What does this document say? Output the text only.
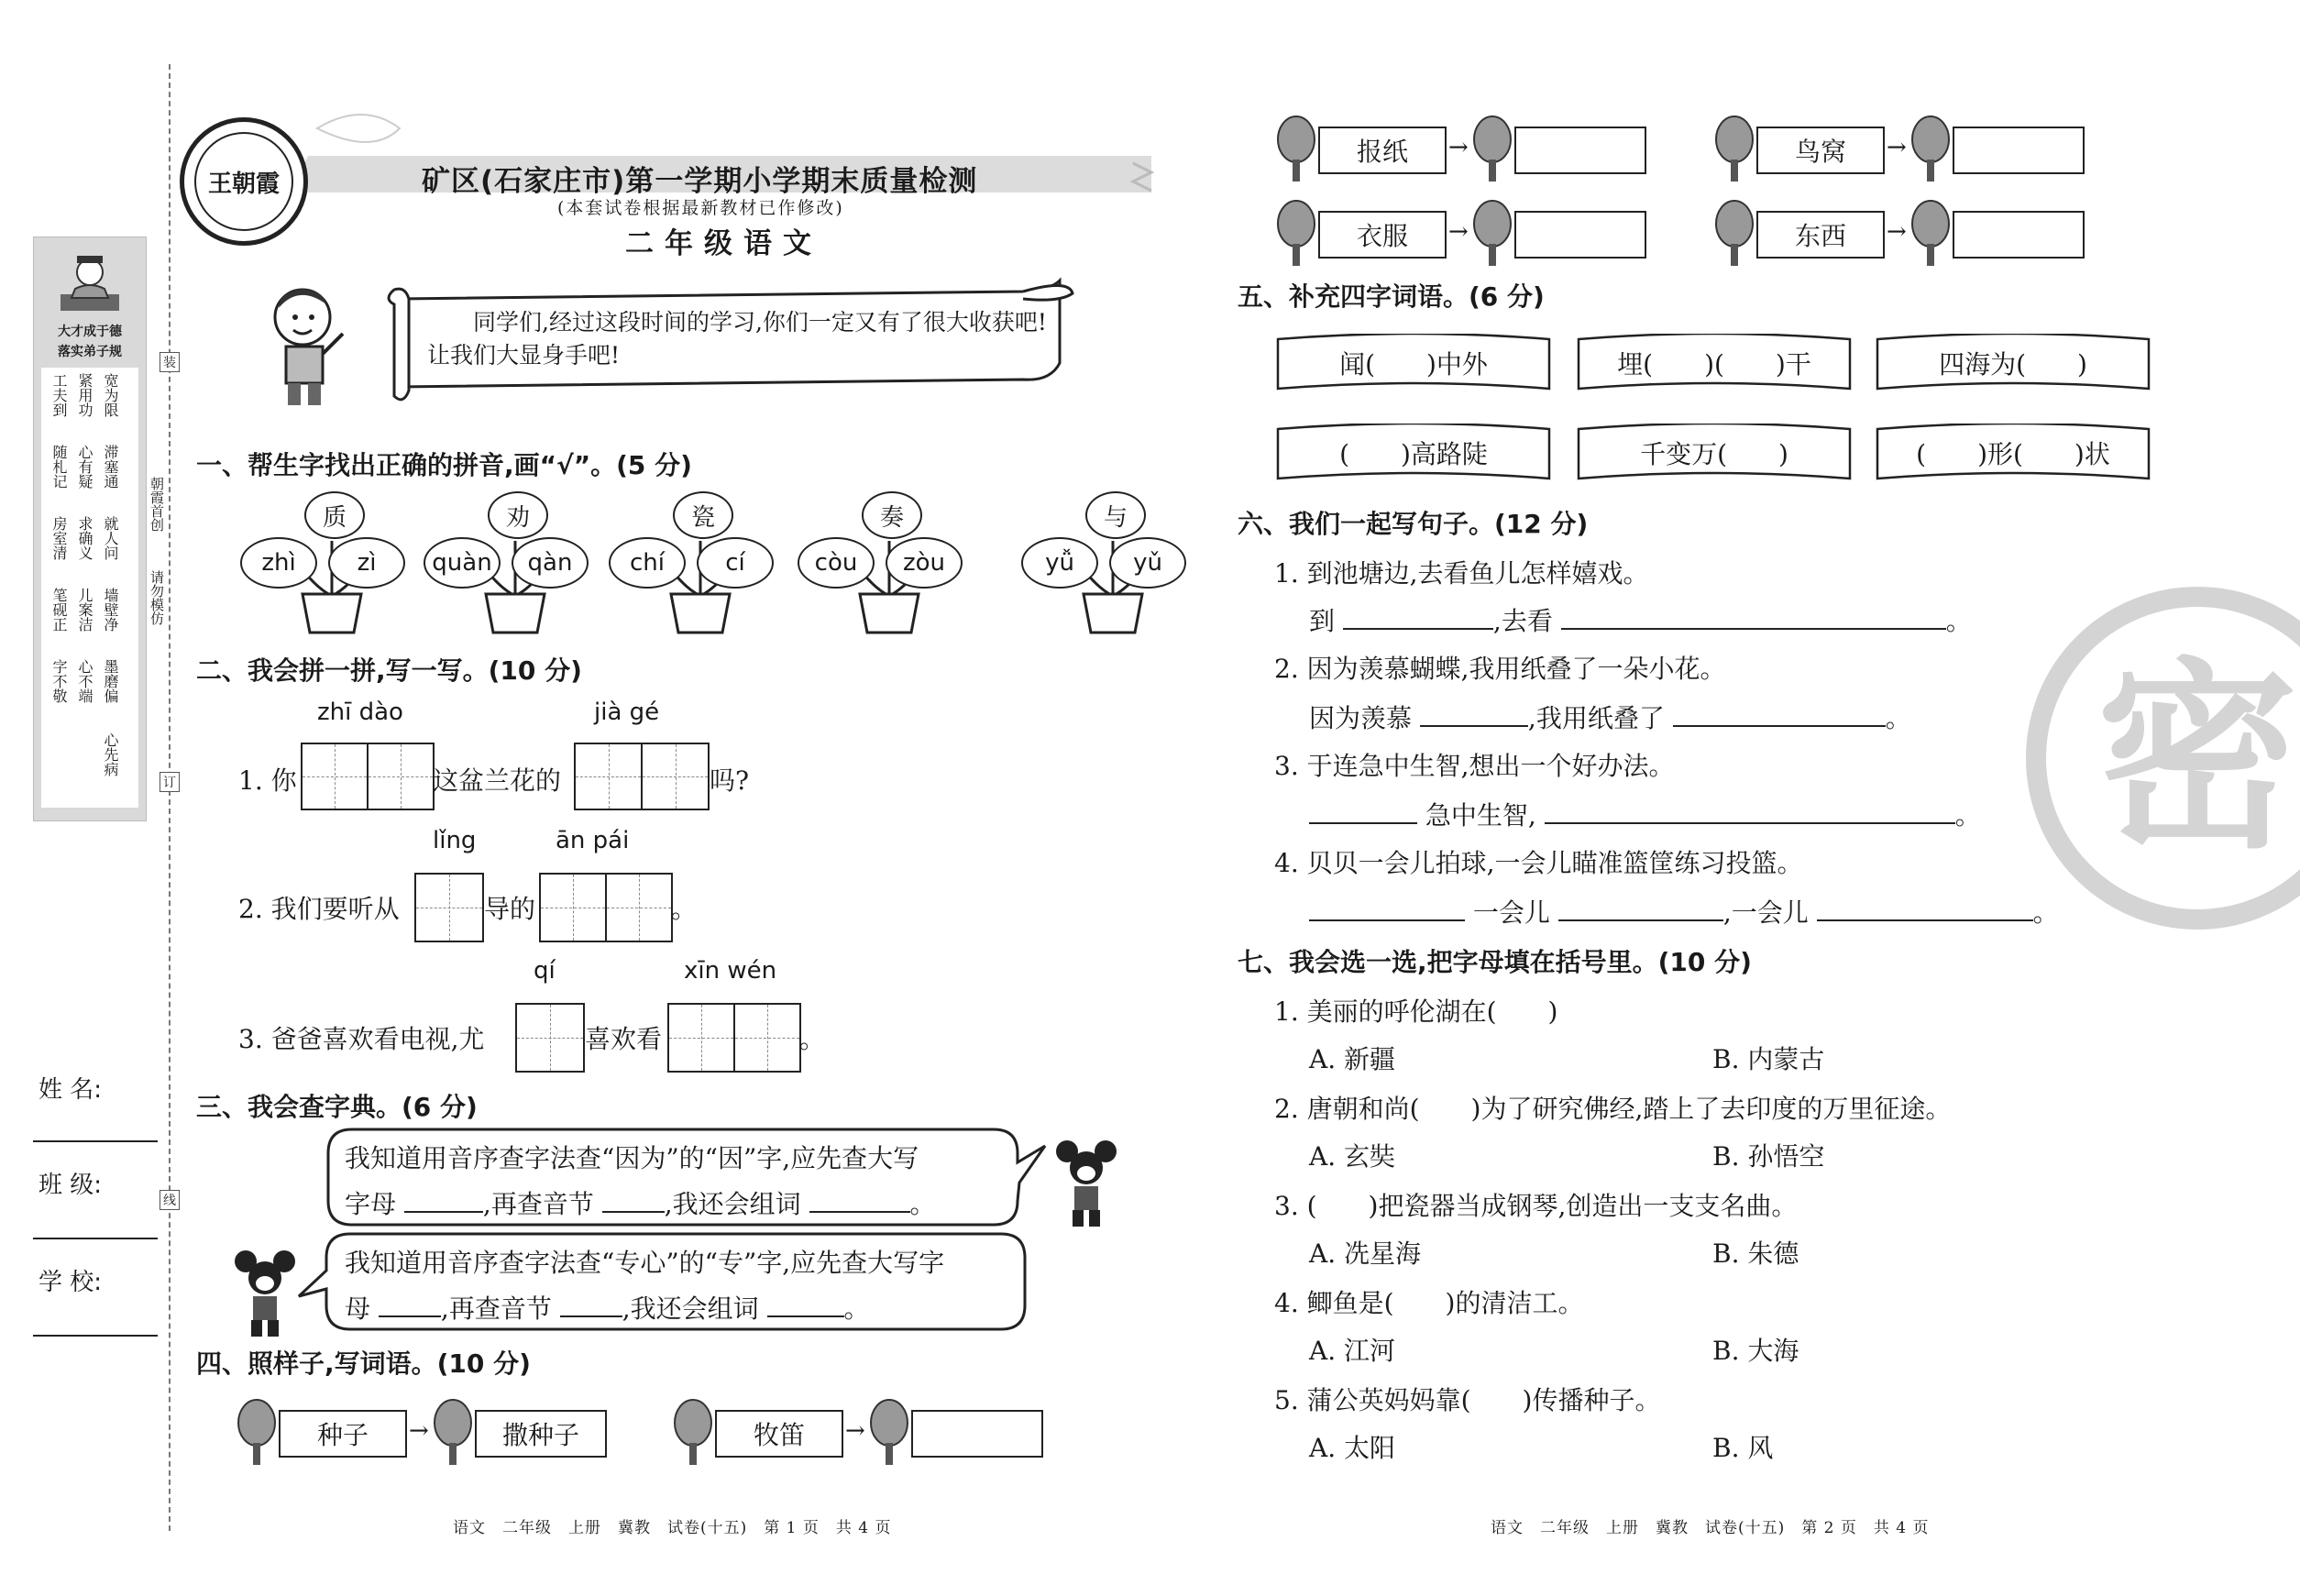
大才成于德
落实弟子规
宽为限
紧用功
工夫到
滞塞通
心有疑
随札记
就人问
求确义
房室清
墙壁净
儿案洁
笔砚正
墨磨偏
心不端
字不敬
心先病
装
订
线
朝霞首创
请勿模仿
姓 名:
班 级:
学 校:
王朝霞	矿区(石家庄市)第一学期小学期末质量检测
(本套试卷根据最新教材已作修改)
二年级语文
同学们,经过这段时间的学习,你们一定又有了很大收获吧!让我们大显身手吧!
一、帮生字找出正确的拼音,画“√”。(5 分)
质
zhì	zì
劝
quàn	qàn
瓷
chí	cí
奏
còu	zòu
与
yǚ	yǔ
二、我会拼一拼,写一写。(10 分)
zhī dào	jià gé
1. 你	这盆兰花的	吗?
lǐng	ān pái
2. 我们要听从	导的	。
qí	xīn wén
3. 爸爸喜欢看电视,尤	喜欢看	。
三、我会查字典。(6 分)
我知道用音序查字法查“因为”的“因”字,应先查大写
字母	,再查音节	,我还会组词	。
我知道用音序查字法查“专心”的“专”字,应先查大写字
母	,再查音节	,我还会组词	。
四、照样子,写词语。(10 分)
种子	→	撒种子	牧笛	→
报纸	→	鸟窝	→
衣服	→	东西	→
五、补充四字词语。(6 分)
闻(　　)中外	埋(　　)(　　)干	四海为(　　)
(　　)高路陡	千变万(　　)	(　　)形(　　)状
六、我们一起写句子。(12 分)
1. 到池塘边,去看鱼儿怎样嬉戏。
到	,去看	。
2. 因为羡慕蝴蝶,我用纸叠了一朵小花。
因为羡慕	,我用纸叠了	。
3. 于连急中生智,想出一个好办法。
急中生智,	。
4. 贝贝一会儿拍球,一会儿瞄准篮筐练习投篮。
一会儿	,一会儿	。
七、我会选一选,把字母填在括号里。(10 分)
1. 美丽的呼伦湖在(　　)
A. 新疆	B. 内蒙古
2. 唐朝和尚(　　)为了研究佛经,踏上了去印度的万里征途。
A. 玄奘	B. 孙悟空
3. (　　)把瓷器当成钢琴,创造出一支支名曲。
A. 冼星海	B. 朱德
4. 鲫鱼是(　　)的清洁工。
A. 江河	B. 大海
5. 蒲公英妈妈靠(　　)传播种子。
A. 太阳	B. 风
密
语文　二年级　上册　冀教　试卷(十五)　第 1 页　共 4 页	语文　二年级　上册　冀教　试卷(十五)　第 2 页　共 4 页
